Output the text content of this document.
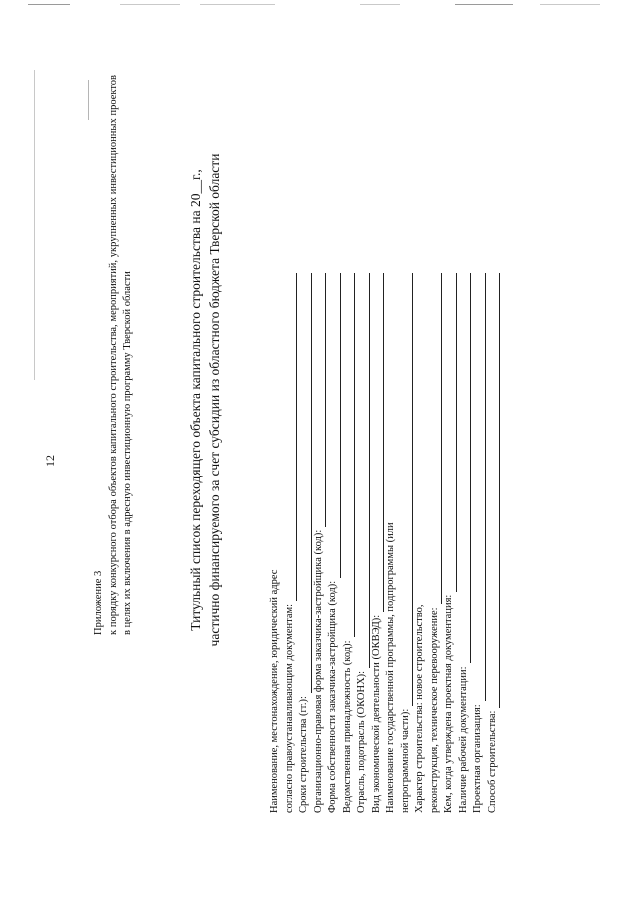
12
Приложение 3 к порядку конкурсного отбора объектов капитального строительства, мероприятий, укрупненных инвестиционных проектов в целях их включения в адресную инвестиционную программу Тверской области	Титульный список переходящего объекта капитального строительства на 20__г., частично финансируемого за счет субсидии из областного бюджета Тверской области
Наименование, местонахождение, юридический адрес согласно правоустанавливающим документам: Сроки строительства (гг.): Организационно-правовая форма заказчика-застройщика (код): Форма собственности заказчика-застройщика (код): Ведомственная принадлежность (код): Отрасль, подотрасль (ОКОНХ): Вид экономической деятельности (ОКВЭД): Наименование государственной программы, подпрограммы (или непрограммной части): Характер строительства: новое строительство, реконструкция, техническое перевооружение: Кем, когда утверждена проектная документация: Наличие рабочей документации: Проектная организация: Способ строительства:
